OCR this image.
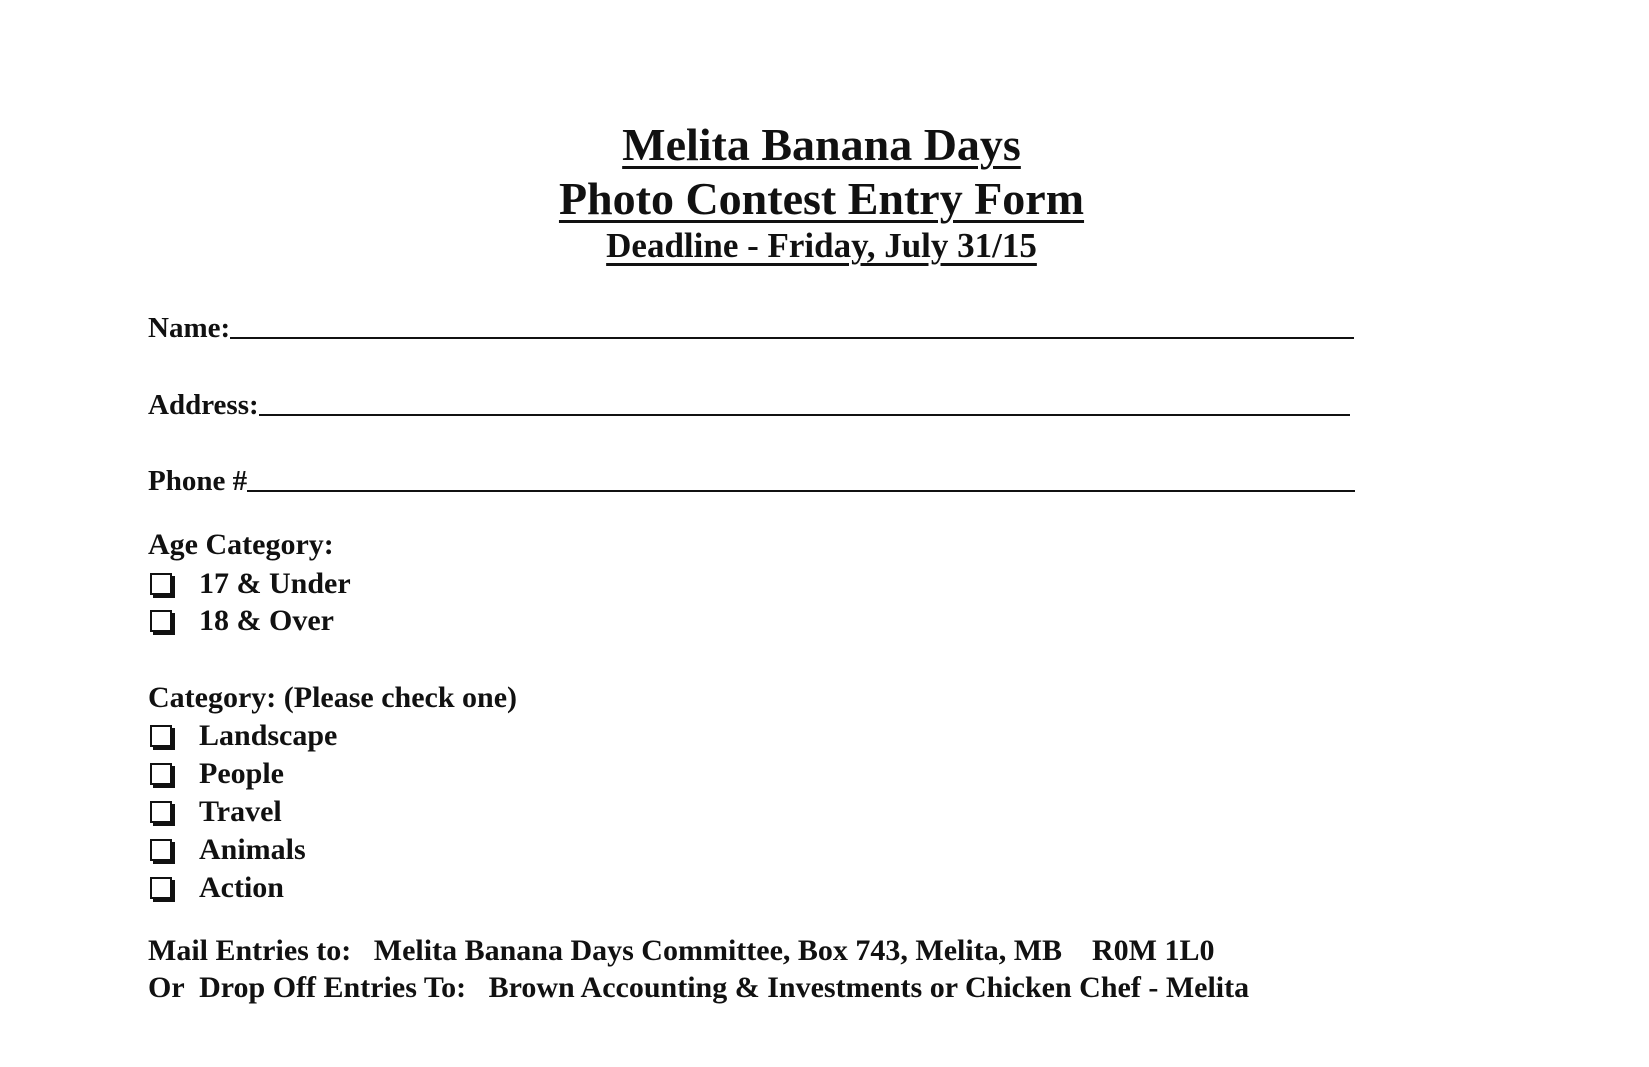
Melita Banana Days
Photo Contest Entry Form
Deadline - Friday, July 31/15
Name:
Address:
Phone #
Age Category:
17 & Under
18 & Over
Category: (Please check one)
Landscape
People
Travel
Animals
Action
Mail Entries to:   Melita Banana Days Committee, Box 743, Melita, MB    R0M 1L0
Or  Drop Off Entries To:   Brown Accounting & Investments or Chicken Chef - Melita
